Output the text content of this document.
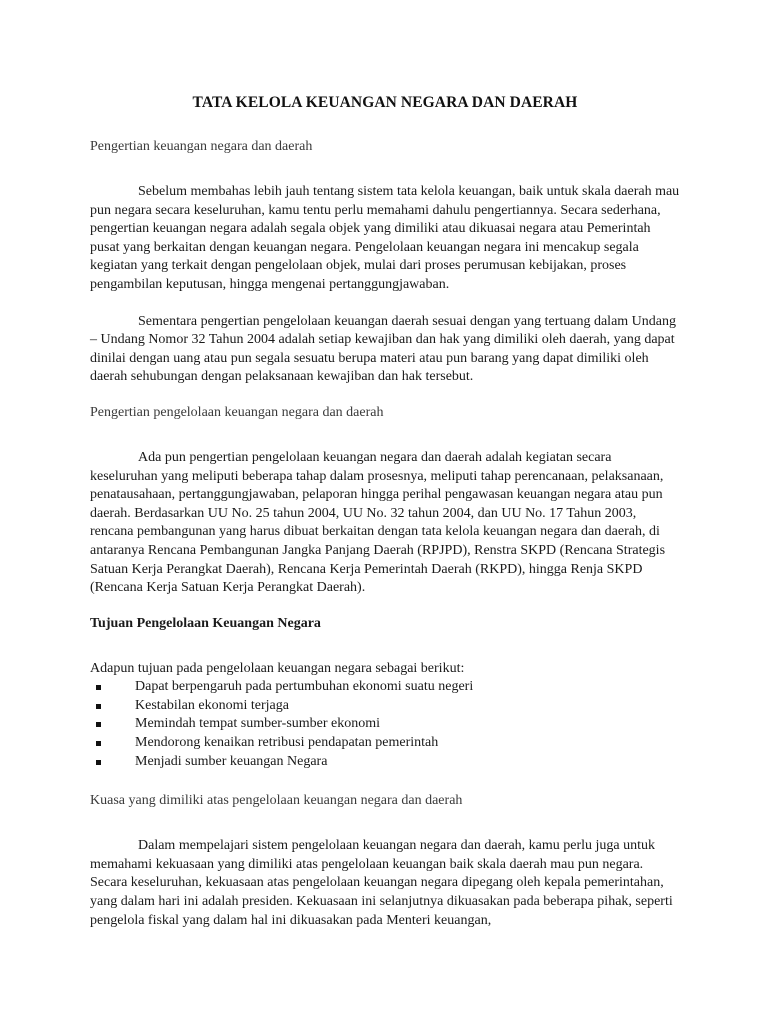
TATA KELOLA KEUANGAN NEGARA DAN DAERAH
Pengertian keuangan negara dan daerah

Sebelum membahas lebih jauh tentang sistem tata kelola keuangan, baik untuk skala daerah mau pun negara secara keseluruhan, kamu tentu perlu memahami dahulu pengertiannya. Secara sederhana, pengertian keuangan negara adalah segala objek yang dimiliki atau dikuasai negara atau Pemerintah pusat yang berkaitan dengan keuangan negara. Pengelolaan keuangan negara ini mencakup segala kegiatan yang terkait dengan pengelolaan objek, mulai dari proses perumusan kebijakan, proses pengambilan keputusan, hingga mengenai pertanggungjawaban.

Sementara pengertian pengelolaan keuangan daerah sesuai dengan yang tertuang dalam Undang – Undang Nomor 32 Tahun 2004 adalah setiap kewajiban dan hak yang dimiliki oleh daerah, yang dapat dinilai dengan uang atau pun segala sesuatu berupa materi atau pun barang yang dapat dimiliki oleh daerah sehubungan dengan pelaksanaan kewajiban dan hak tersebut.

Pengertian pengelolaan keuangan negara dan daerah

Ada pun pengertian pengelolaan keuangan negara dan daerah adalah kegiatan secara keseluruhan yang meliputi beberapa tahap dalam prosesnya, meliputi tahap perencanaan, pelaksanaan, penatausahaan, pertanggungjawaban, pelaporan hingga perihal pengawasan keuangan negara atau pun daerah. Berdasarkan UU No. 25 tahun 2004, UU No. 32 tahun 2004, dan UU No. 17 Tahun 2003, rencana pembangunan yang harus dibuat berkaitan dengan tata kelola keuangan negara dan daerah, di antaranya Rencana Pembangunan Jangka Panjang Daerah (RPJPD), Renstra SKPD (Rencana Strategis Satuan Kerja Perangkat Daerah), Rencana Kerja Pemerintah Daerah (RKPD), hingga Renja SKPD (Rencana Kerja Satuan Kerja Perangkat Daerah).

Tujuan Pengelolaan Keuangan Negara

Adapun tujuan pada pengelolaan keuangan negara sebagai berikut:

Dapat berpengaruh pada pertumbuhan ekonomi suatu negeri
Kestabilan ekonomi terjaga
Memindah tempat sumber-sumber ekonomi
Mendorong kenaikan retribusi pendapatan pemerintah
Menjadi sumber keuangan Negara
Kuasa yang dimiliki atas pengelolaan keuangan negara dan daerah

Dalam mempelajari sistem pengelolaan keuangan negara dan daerah, kamu perlu juga untuk memahami kekuasaan yang dimiliki atas pengelolaan keuangan baik skala daerah mau pun negara. Secara keseluruhan, kekuasaan atas pengelolaan keuangan negara dipegang oleh kepala pemerintahan, yang dalam hari ini adalah presiden. Kekuasaan ini selanjutnya dikuasakan pada beberapa pihak, seperti pengelola fiskal yang dalam hal ini dikuasakan pada Menteri keuangan,
